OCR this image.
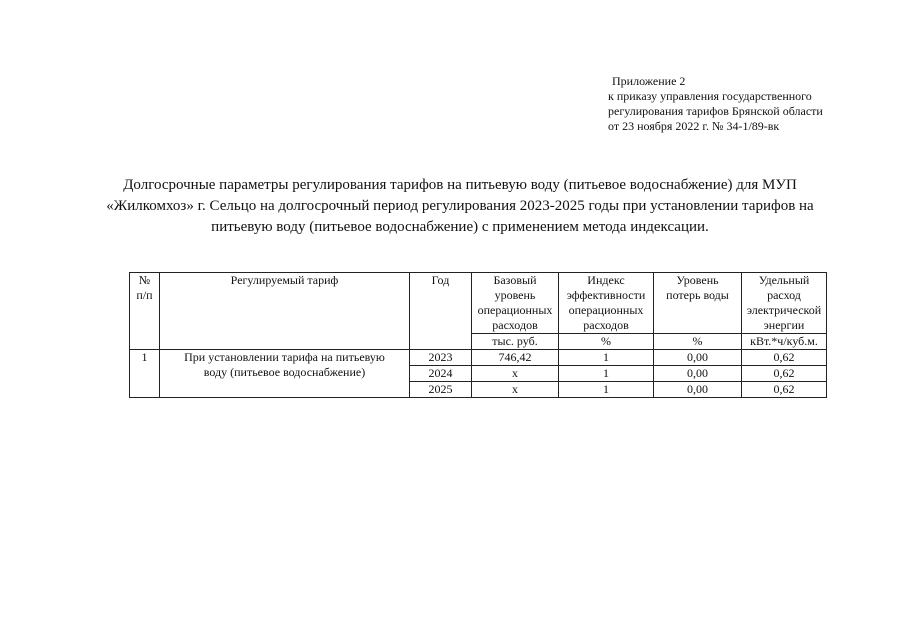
Приложение 2
к приказу управления государственного
регулирования тарифов Брянской области
от 23 ноября 2022 г. № 34-1/89-вк
Долгосрочные параметры регулирования тарифов на питьевую воду (питьевое водоснабжение) для МУП
«Жилкомхоз» г. Сельцо на долгосрочный период регулирования 2023-2025 годы при установлении тарифов на
питьевую воду (питьевое водоснабжение) с применением метода индексации.
№
п/п	Регулируемый тариф	Год	Базовый
уровень
операционных
расходов	Индекс
эффективности
операционных
расходов	Уровень
потерь воды	Удельный
расход
электрической
энергии
			тыс. руб.	%	%	кВт.*ч/куб.м.
1	При установлении тарифа на питьевую
воду (питьевое водоснабжение)	2023	746,42	1	0,00	0,62
		2024	x	1	0,00	0,62
		2025	x	1	0,00	0,62
